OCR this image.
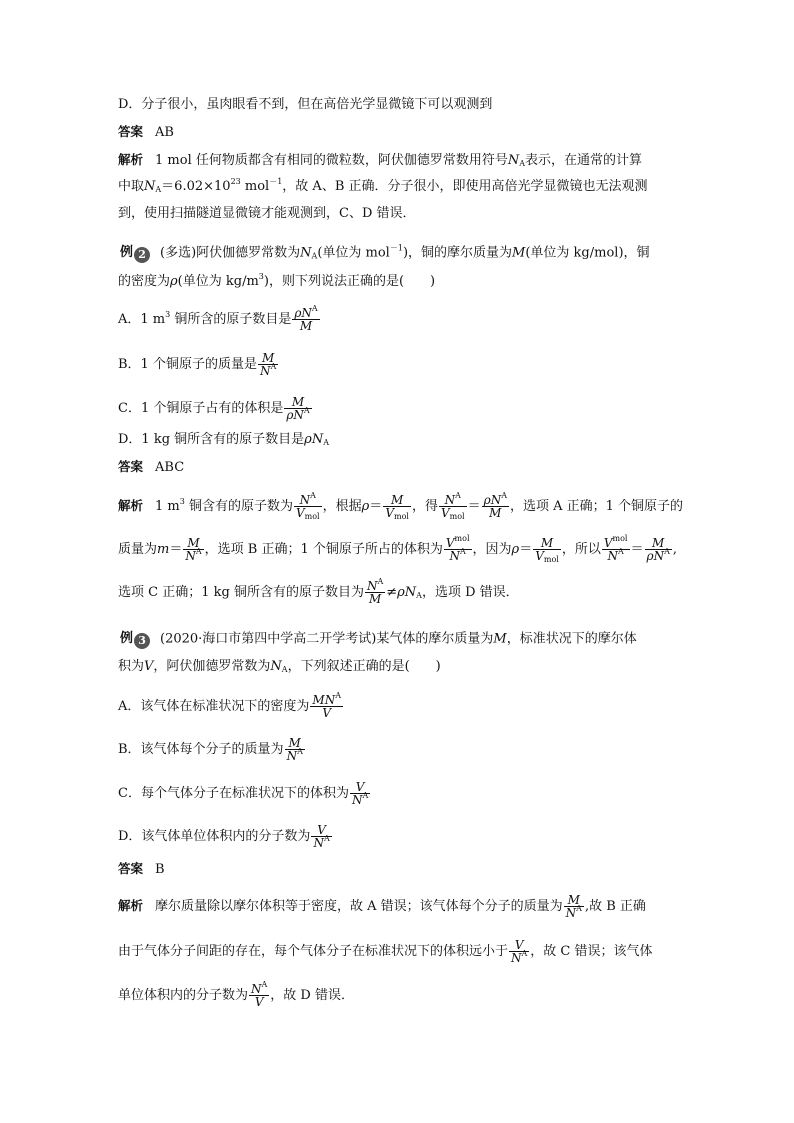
D．分子很小，虽肉眼看不到，但在高倍光学显微镜下可以观测到
答案 AB
解析 1 mol 任何物质都含有相同的微粒数，阿伏伽德罗常数用符号$N_A$表示，在通常的计算
中取$N_A=6.02\times 10^{23}$ mol$^{-1}$，故 A、B 正确．分子很小，即使用高倍光学显微镜也无法观测
到，使用扫描隧道显微镜才能观测到，C、D 错误．
例 2 (多选)阿伏伽德罗常数为$N_A$(单位为 mol$^{-1}$)，铜的摩尔质量为M(单位为 kg/mol)，铜
的密度为ρ(单位为 $kg/m^3$)，则下列说法正确的是(　　)
A．1 $m^3$ 铜所含的原子数目是 $\frac{\rho N^A}{M}$
B．1 个铜原子的质量是 $\frac{M}{N^A}$
C．1 个铜原子占有的体积是 $\frac{M}{\rho N^A}$
D．1 kg 铜所含有的原子数目是$\rho N_A$
答案 ABC
解析 1 $m^3$ 铜含有的原子数为 $\frac{N^A}{V_{mol}}$ ，根据$\rho= \frac{M}{V_{mol}}$ ，得 $\frac{N^A}{V_{mol}} = \frac{\rho N^A}{M}$ ，选项 A 正确；1 个铜原子的
质量为$m= \frac{M}{N^A}$ ，选项 B 正确；1 个铜原子所占的体积为 $\frac{V^{mol}}{N^A}$ ，因为$\rho= \frac{M}{V_{mol}}$ ，所以 $\frac{V^{mol}}{N^A} = \frac{M}{\rho N^A}$ ,
选项 C 正确；1 kg 铜所含有的原子数目为 $\frac{N^A}{M} \ne\rho N_A$，选项 D 错误．
例 3 (2020·海口市第四中学高二开学考试)某气体的摩尔质量为M，标准状况下的摩尔体
积为V，阿伏伽德罗常数为$N_A$，下列叙述正确的是(　　)
A．该气体在标准状况下的密度为 $\frac{MN^A}{V}$
B．该气体每个分子的质量为 $\frac{M}{N^A}$
C．每个气体分子在标准状况下的体积为 $\frac{V}{N^A}$
D．该气体单位体积内的分子数为 $\frac{V}{N^A}$
答案 B
解析 摩尔质量除以摩尔体积等于密度，故 A 错误；该气体每个分子的质量为 $\frac{M}{N^A}$ ,故 B 正确
由于气体分子间距的存在，每个气体分子在标准状况下的体积远小于 $\frac{V}{N^A}$ ，故 C 错误；该气体
单位体积内的分子数为 $\frac{N^A}{V}$ ，故 D 错误．
